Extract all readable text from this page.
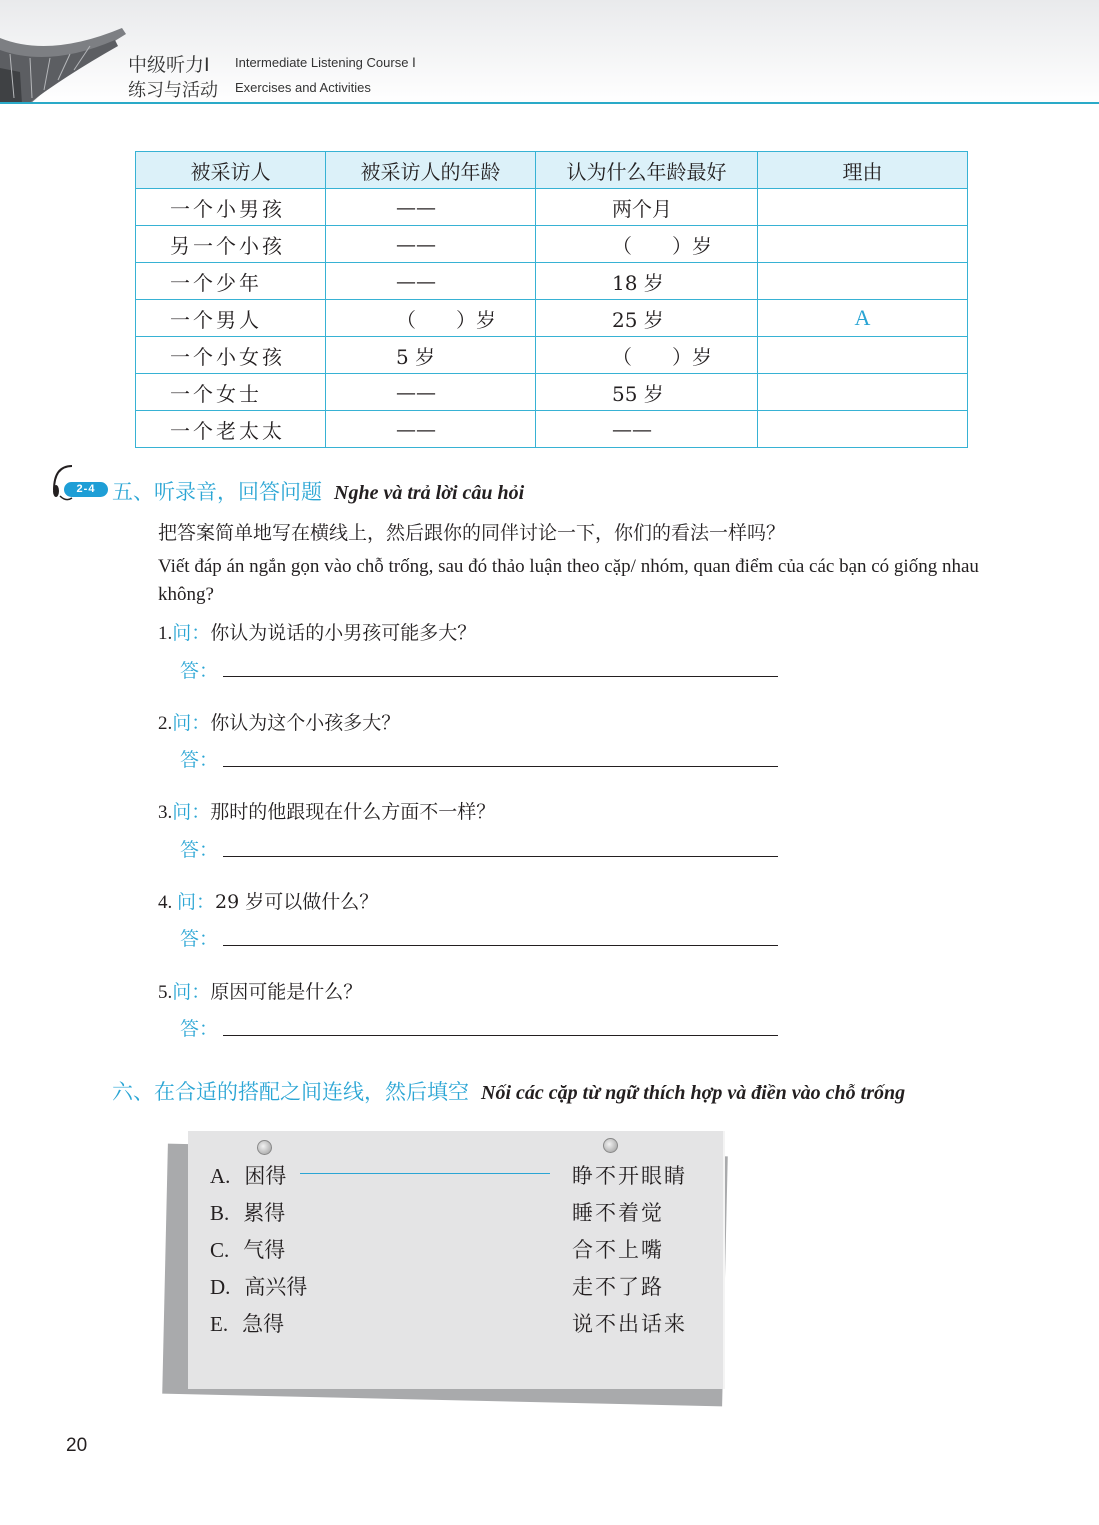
中级听力Ⅰ Intermediate Listening Course Ⅰ
练习与活动 Exercises and Activities
被采访人	被采访人的年龄	认为什么年龄最好	理由
一个小男孩	——	两个月	
另一个小孩	——	（　　）岁	
一个少年	——	18 岁	
一个男人	（　　）岁	25 岁	A
一个小女孩	5 岁	（　　）岁	
一个女士	——	55 岁	
一个老太太	——	——	
2-4 五、听录音，回答问题 Nghe và trả lời câu hỏi
把答案简单地写在横线上，然后跟你的同伴讨论一下，你们的看法一样吗？
Viết đáp án ngắn gọn vào chỗ trống, sau đó thảo luận theo cặp/ nhóm, quan điểm của các bạn có giống nhau không?
1.问：你认为说话的小男孩可能多大？
答：
2.问：你认为这个小孩多大？
答：
3.问：那时的他跟现在什么方面不一样？
答：
4. 问：29 岁可以做什么？
答：
5.问：原因可能是什么？
答：
六、在合适的搭配之间连线，然后填空 Nối các cặp từ ngữ thích hợp và điền vào chỗ trống
A. 困得
B. 累得
C. 气得
D. 高兴得
E. 急得
睁不开眼睛
睡不着觉
合不上嘴
走不了路
说不出话来
20
